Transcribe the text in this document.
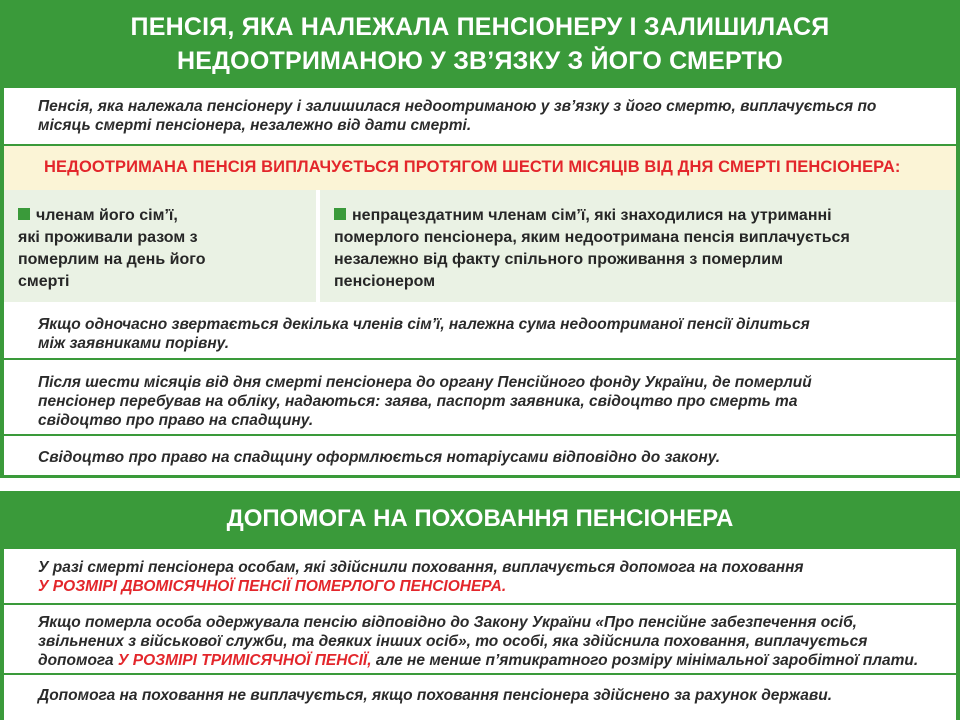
ПЕНСІЯ, ЯКА НАЛЕЖАЛА ПЕНСІОНЕРУ І ЗАЛИШИЛАСЯ
НЕДООТРИМАНОЮ У ЗВ’ЯЗКУ З ЙОГО СМЕРТЮ
Пенсія, яка належала пенсіонеру і залишилася недоотриманою у зв’язку з його смертю, виплачується по
місяць смерті пенсіонера, незалежно від дати смерті.
НЕДООТРИМАНА ПЕНСІЯ ВИПЛАЧУЄТЬСЯ ПРОТЯГОМ ШЕСТИ МІСЯЦІВ ВІД ДНЯ СМЕРТІ ПЕНСІОНЕРА:
членам його сім’ї,
які проживали разом з
померлим на день його
смерті
непрацездатним членам сім’ї, які знаходилися на утриманні
померлого пенсіонера, яким недоотримана пенсія виплачується
незалежно від факту спільного проживання з померлим
пенсіонером
Якщо одночасно звертається декілька членів сім’ї, належна сума недоотриманої пенсії ділиться
між заявниками порівну.
Після шести місяців від дня смерті пенсіонера до органу Пенсійного фонду України, де померлий
пенсіонер перебував на обліку, надаються: заява, паспорт заявника, свідоцтво про смерть та
свідоцтво про право на спадщину.
Свідоцтво про право на спадщину оформлюється нотаріусами відповідно до закону.
ДОПОМОГА НА ПОХОВАННЯ ПЕНСІОНЕРА
У разі смерті пенсіонера особам, які здійснили поховання, виплачується допомога на поховання
У РОЗМІРІ ДВОМІСЯЧНОЇ ПЕНСІЇ ПОМЕРЛОГО ПЕНСІОНЕРА.
Якщо померла особа одержувала пенсію відповідно до Закону України «Про пенсійне забезпечення осіб,
звільнених з військової служби, та деяких інших осіб», то особі, яка здійснила поховання, виплачується
допомога У РОЗМІРІ ТРИМІСЯЧНОЇ ПЕНСІЇ, але не менше п’ятикратного розміру мінімальної заробітної плати.
Допомога на поховання не виплачується, якщо поховання пенсіонера здійснено за рахунок держави.
